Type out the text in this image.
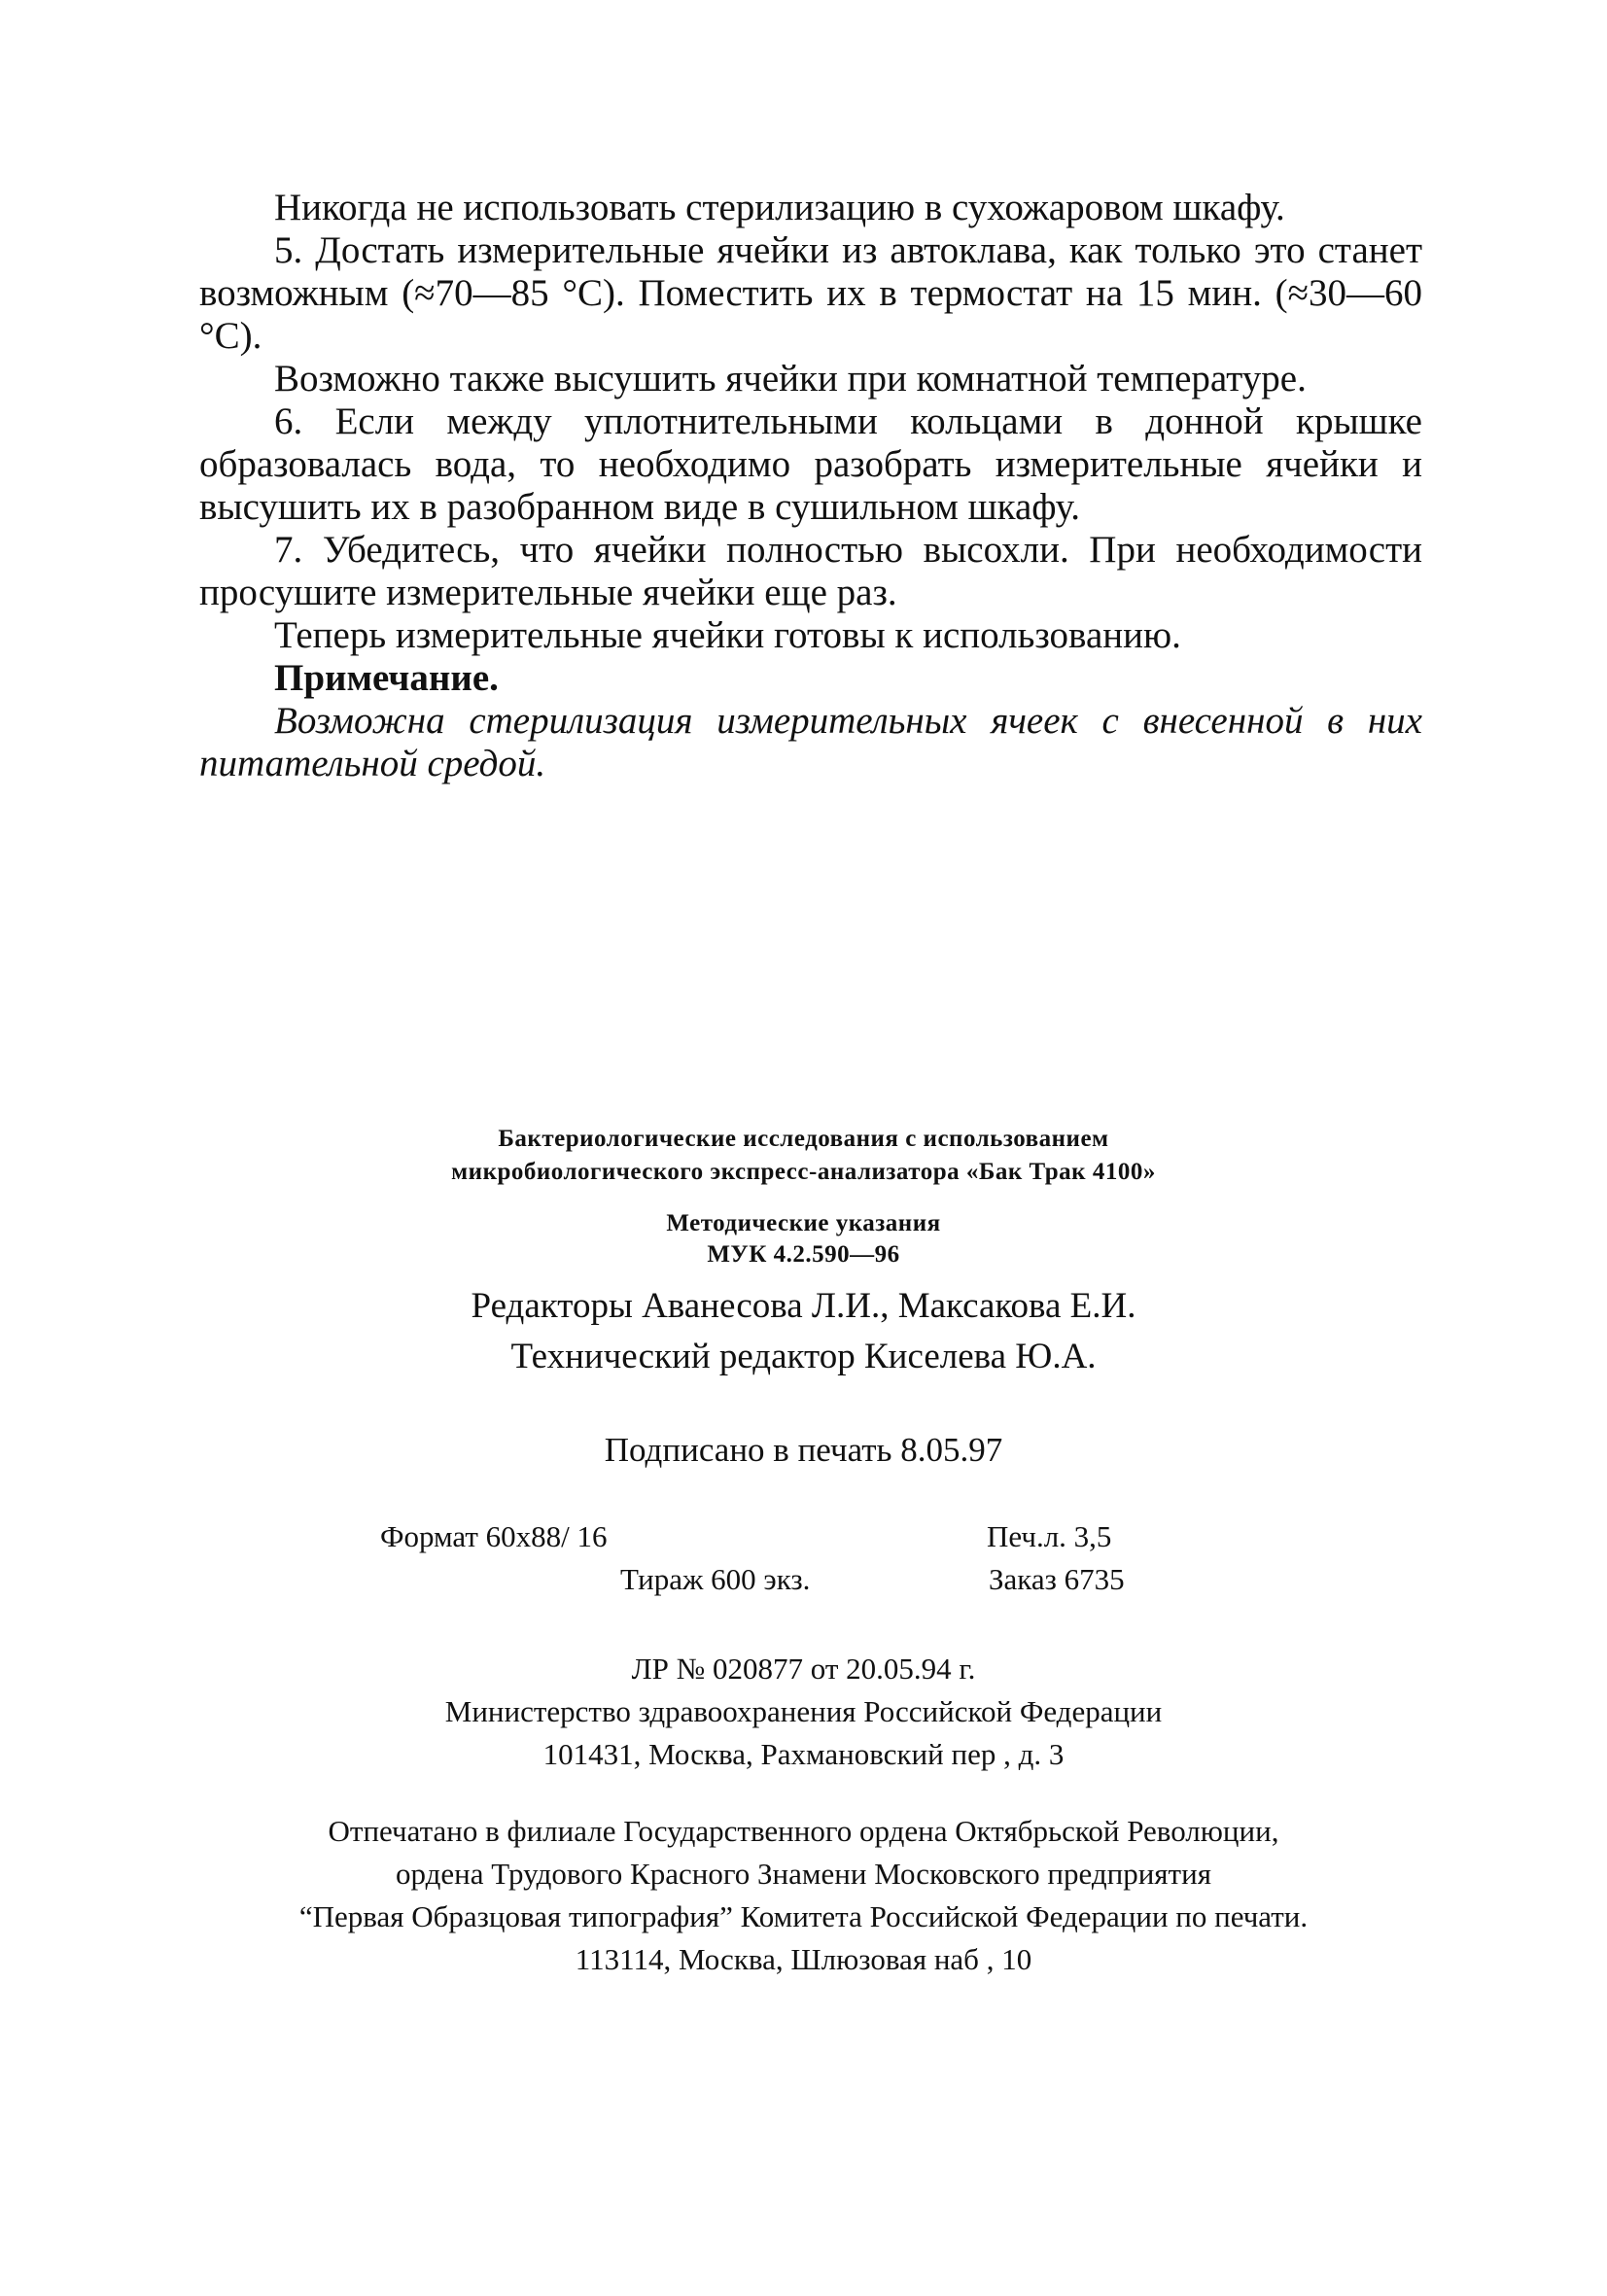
Никогда не использовать стерилизацию в сухожаровом шкафу.

5. Достать измерительные ячейки из автоклава, как только это станет возможным (≈70—85 °С). Поместить их в термостат на 15 мин. (≈30—60 °С).

Возможно также высушить ячейки при комнатной температуре.

6. Если между уплотнительными кольцами в донной крышке образовалась вода, то необходимо разобрать измерительные ячейки и высушить их в разобранном виде в сушильном шкафу.

7. Убедитесь, что ячейки полностью высохли. При необходимости просушите измерительные ячейки еще раз.

Теперь измерительные ячейки готовы к использованию.

Примечание.

Возможна стерилизация измерительных ячеек с внесенной в них питательной средой.

Бактериологические исследования с использованием
микробиологического экспресс-анализатора «Бак Трак 4100»
Методические указания
МУК 4.2.590—96
Редакторы Аванесова Л.И., Максакова Е.И.
Технический редактор Киселева Ю.А.
Подписано в печать 8.05.97
Формат 60x88/ 16	Печ.л. 3,5
Тираж 600 экз.	Заказ 6735
ЛР № 020877 от 20.05.94 г.
Министерство здравоохранения Российской Федерации
101431, Москва, Рахмановский пер , д. 3
Отпечатано в филиале Государственного ордена Октябрьской Революции,
ордена Трудового Красного Знамени Московского предприятия
“Первая Образцовая типография” Комитета Российской Федерации по печати.
113114, Москва, Шлюзовая наб , 10
